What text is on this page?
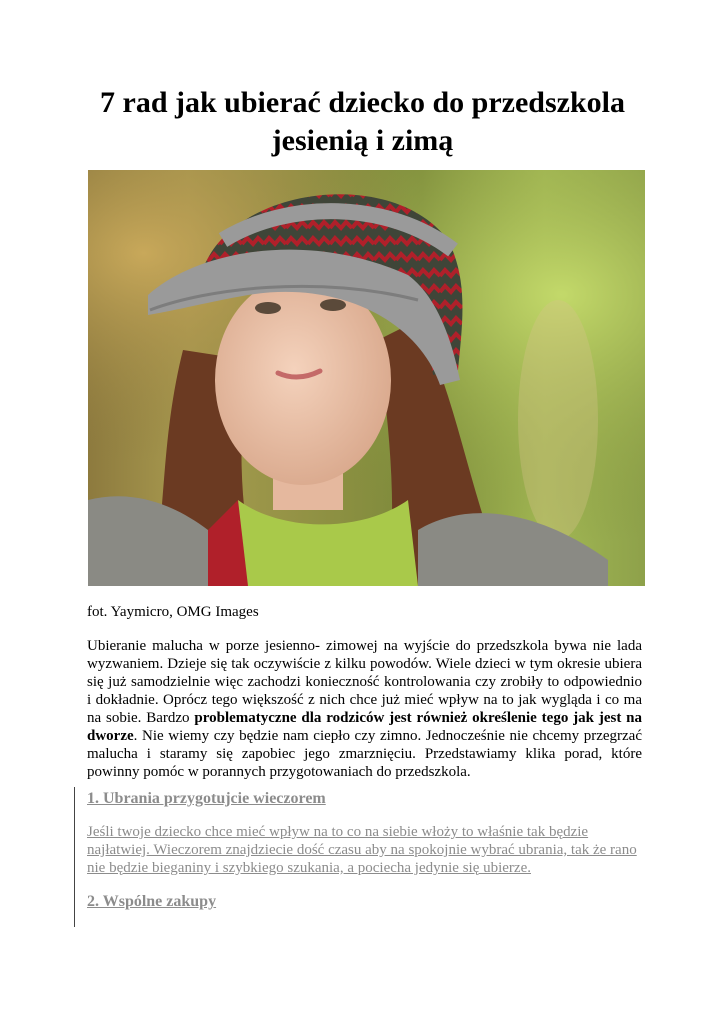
7 rad jak ubierać dziecko do przedszkola
jesienią i zimą
fot. Yaymicro, OMG Images

Ubieranie malucha w porze jesienno- zimowej na wyjście do przedszkola bywa nie lada wyzwaniem. Dzieje się tak oczywiście z kilku powodów. Wiele dzieci w tym okresie ubiera się już samodzielnie więc zachodzi konieczność kontrolowania czy zrobiły to odpowiednio i dokładnie. Oprócz tego większość z nich chce już mieć wpływ na to jak wygląda i co ma na sobie. Bardzo problematyczne dla rodziców jest również określenie tego jak jest na dworze. Nie wiemy czy będzie nam ciepło czy zimno. Jednocześnie nie chcemy przegrzać malucha i staramy się zapobiec jego zmarznięciu. Przedstawiamy klika porad, które powinny pomóc w porannych przygotowaniach do przedszkola.

1. Ubrania przygotujcie wieczorem

Jeśli twoje dziecko chce mieć wpływ na to co na siebie włoży to właśnie tak będzie najłatwiej. Wieczorem znajdziecie dość czasu aby na spokojnie wybrać ubrania, tak że rano nie będzie bieganiny i szybkiego szukania, a pociecha jedynie się ubierze.

2. Wspólne zakupy
